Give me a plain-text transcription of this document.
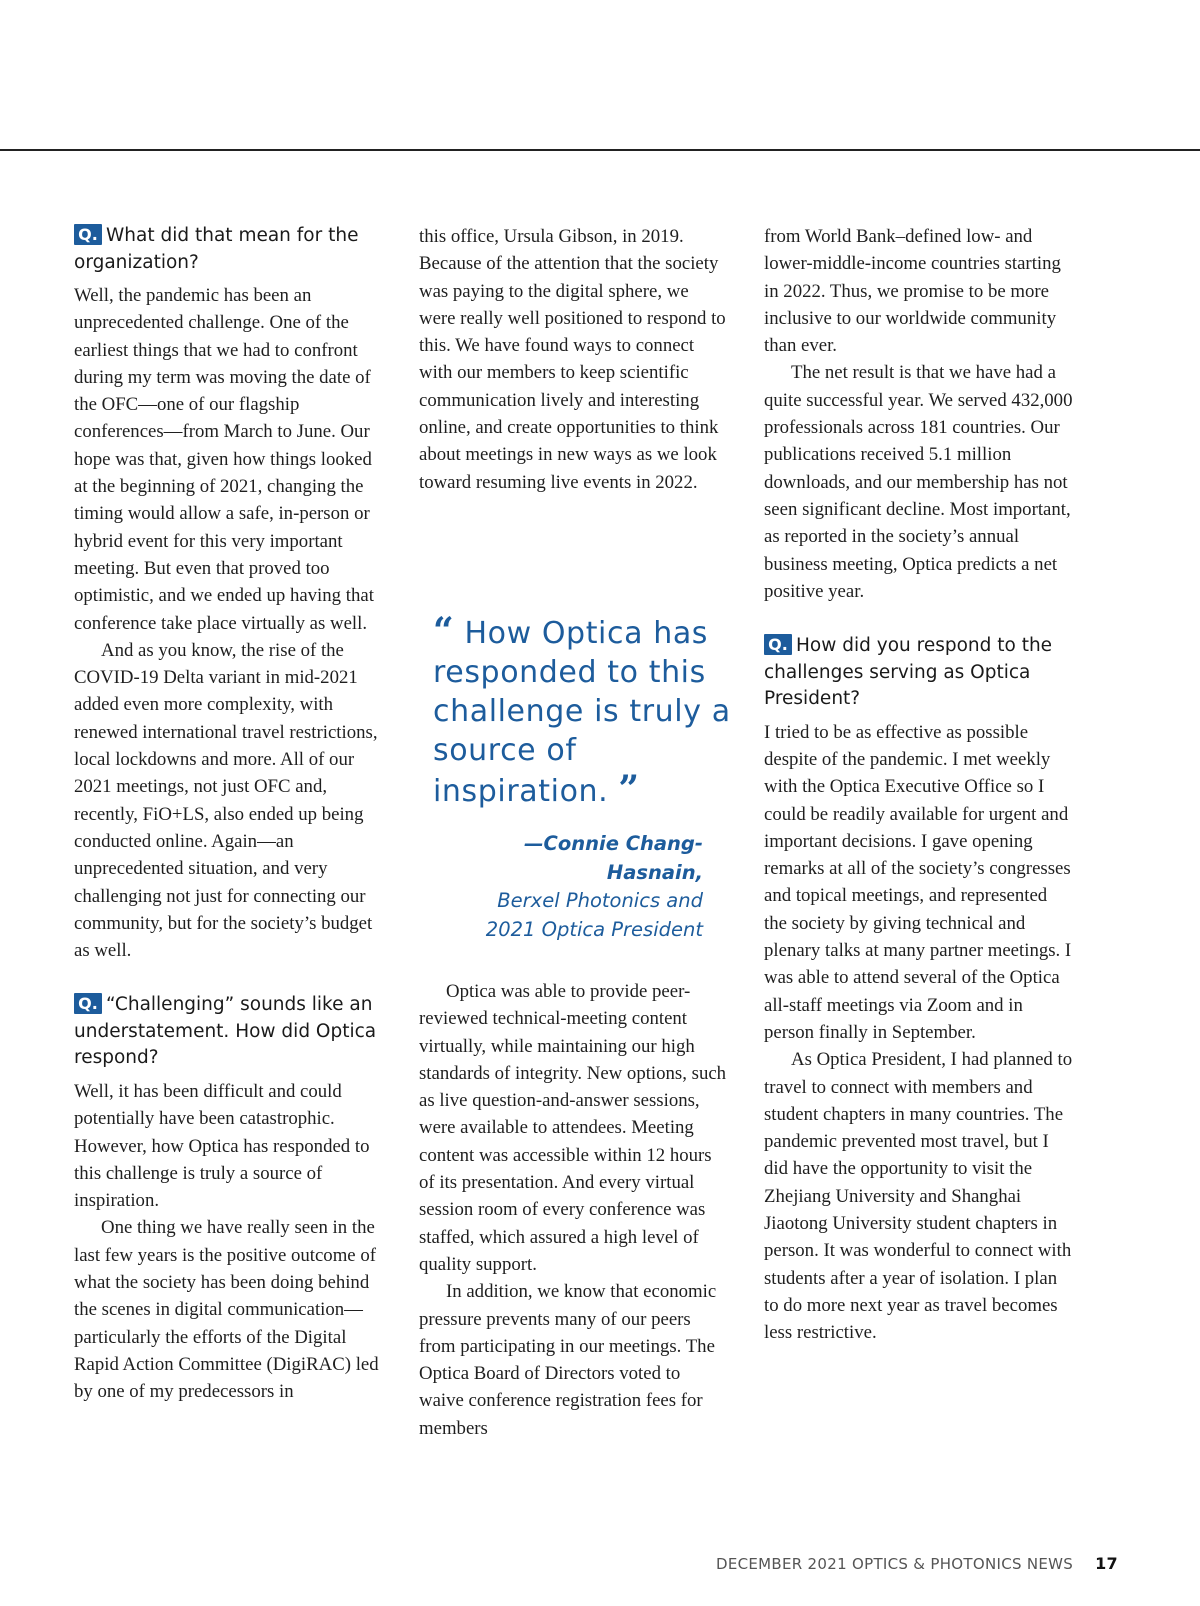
Q. What did that mean for the organization?

Well, the pandemic has been an unprecedented challenge. One of the earliest things that we had to confront during my term was moving the date of the OFC—one of our flagship conferences—from March to June. Our hope was that, given how things looked at the beginning of 2021, changing the timing would allow a safe, in-person or hybrid event for this very important meeting. But even that proved too optimistic, and we ended up having that conference take place virtually as well.

And as you know, the rise of the COVID-19 Delta variant in mid-2021 added even more complexity, with renewed international travel restrictions, local lockdowns and more. All of our 2021 meetings, not just OFC and, recently, FiO+LS, also ended up being conducted online. Again—an unprecedented situation, and very challenging not just for connecting our community, but for the society’s budget as well.

Q. “Challenging” sounds like an understatement. How did Optica respond?

Well, it has been difficult and could potentially have been catastrophic. However, how Optica has responded to this challenge is truly a source of inspiration.

One thing we have really seen in the last few years is the positive outcome of what the society has been doing behind the scenes in digital communication—particularly the efforts of the Digital Rapid Action Committee (DigiRAC) led by one of my predecessors in

this office, Ursula Gibson, in 2019. Because of the attention that the society was paying to the digital sphere, we were really well positioned to respond to this. We have found ways to connect with our members to keep scientific communication lively and interesting online, and create opportunities to think about meetings in new ways as we look toward resuming live events in 2022.

“ How Optica has responded to this challenge is truly a source of inspiration. ”
—Connie Chang-Hasnain,
Berxel Photonics and
2021 Optica President

Optica was able to provide peer-reviewed technical-meeting content virtually, while maintaining our high standards of integrity. New options, such as live question-and-answer sessions, were available to attendees. Meeting content was accessible within 12 hours of its presentation. And every virtual session room of every conference was staffed, which assured a high level of quality support.

In addition, we know that economic pressure prevents many of our peers from participating in our meetings. The Optica Board of Directors voted to waive conference registration fees for members

from World Bank–defined low- and lower-middle-income countries starting in 2022. Thus, we promise to be more inclusive to our worldwide community than ever.

The net result is that we have had a quite successful year. We served 432,000 professionals across 181 countries. Our publications received 5.1 million downloads, and our membership has not seen significant decline. Most important, as reported in the society’s annual business meeting, Optica predicts a net positive year.

Q. How did you respond to the challenges serving as Optica President?

I tried to be as effective as possible despite of the pandemic. I met weekly with the Optica Executive Office so I could be readily available for urgent and important decisions. I gave opening remarks at all of the society’s congresses and topical meetings, and represented the society by giving technical and plenary talks at many partner meetings. I was able to attend several of the Optica all-staff meetings via Zoom and in person finally in September.

As Optica President, I had planned to travel to connect with members and student chapters in many countries. The pandemic prevented most travel, but I did have the opportunity to visit the Zhejiang University and Shanghai Jiaotong University student chapters in person. It was wonderful to connect with students after a year of isolation. I plan to do more next year as travel becomes less restrictive.

DECEMBER 2021 OPTICS & PHOTONICS NEWS 17
